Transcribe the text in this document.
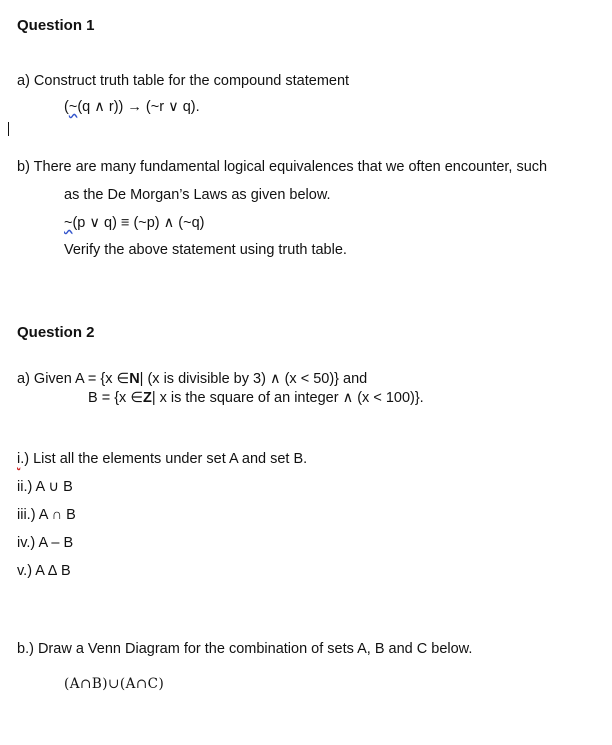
Question 1
a) Construct truth table for the compound statement
(~(q ∧ r)) → (~r ∨ q).
b) There are many fundamental logical equivalences that we often encounter, such
as the De Morgan’s Laws as given below.
~(p ∨ q) ≡ (~p) ∧ (~q)
Verify the above statement using truth table.
Question 2
a) Given A = {x ∈N| (x is divisible by 3) ∧ (x < 50)} and
B = {x ∈Z| x is the square of an integer ∧ (x < 100)}.
i.) List all the elements under set A and set B.
ii.) A ∪ B
iii.) A ∩ B
iv.) A – B
v.) A ∆ B
b.) Draw a Venn Diagram for the combination of sets A, B and C below.
(A∩B)∪(A∩C)
